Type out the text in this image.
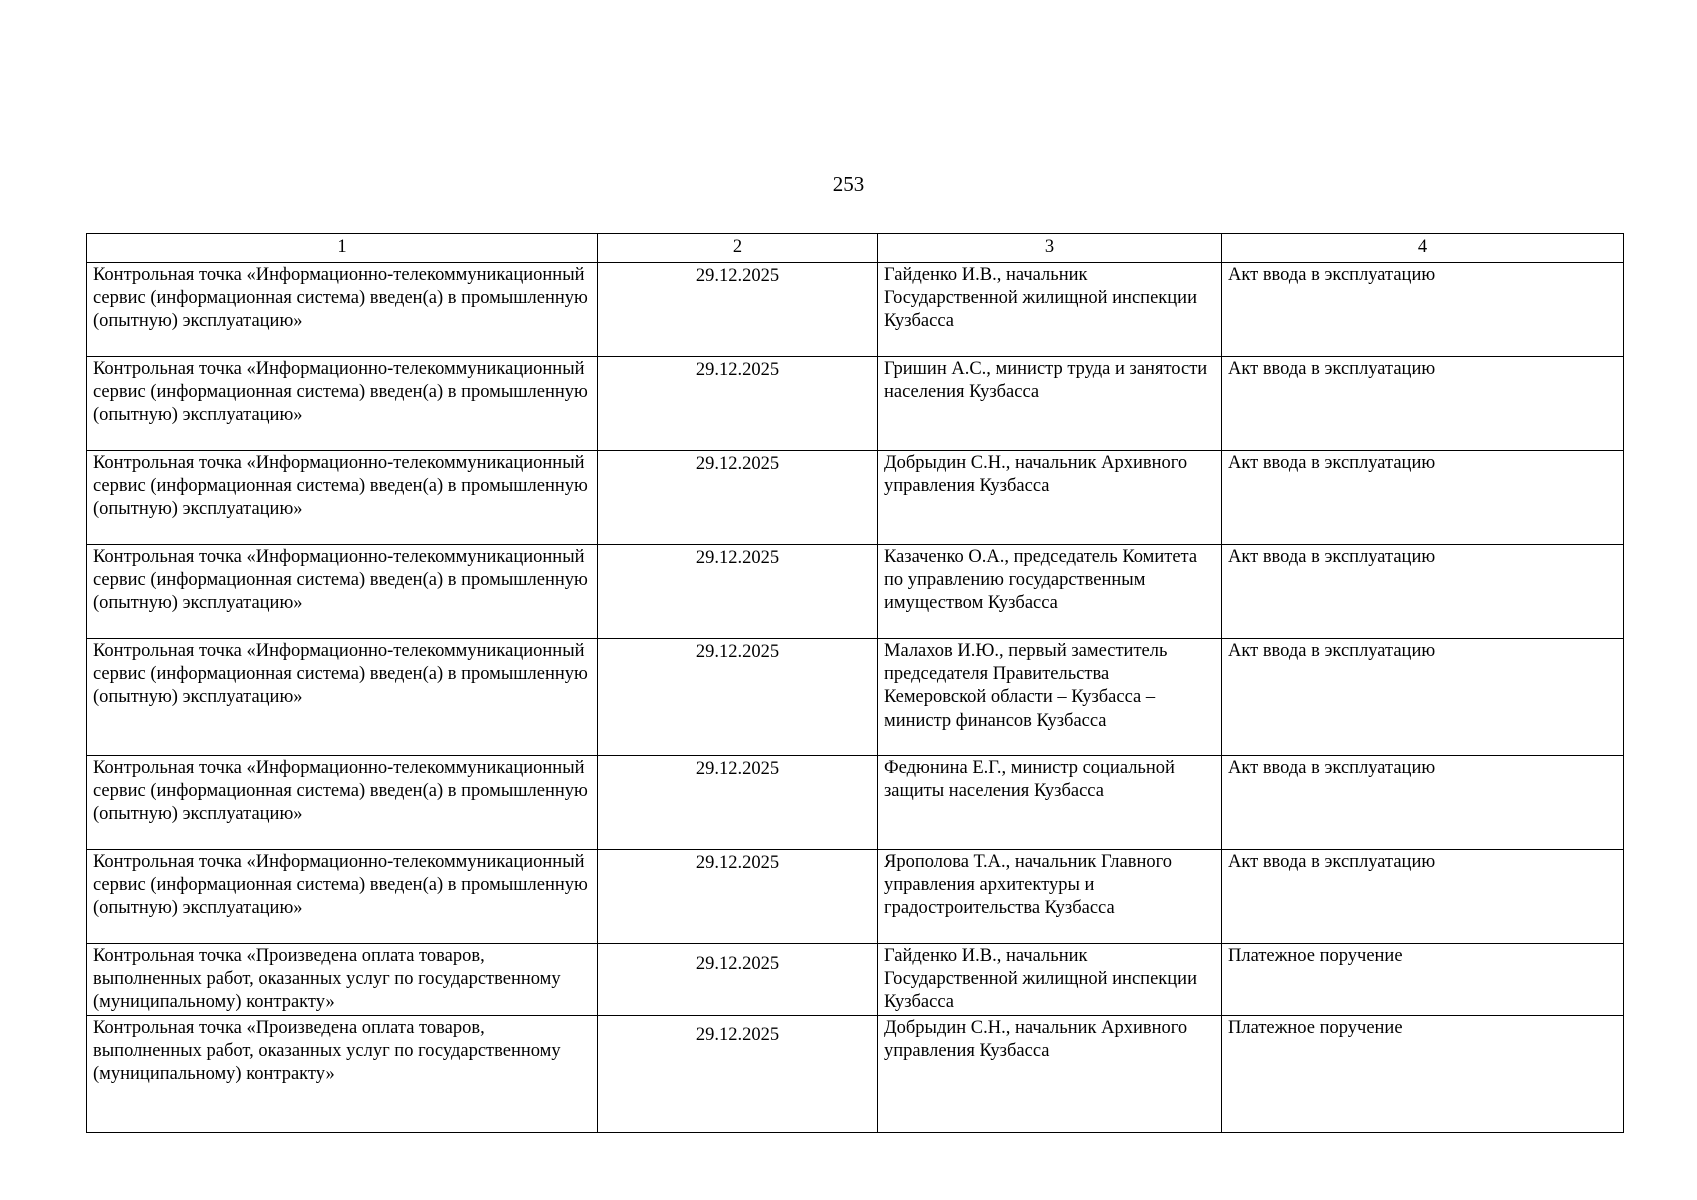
253
1	2	3	4
Контрольная точка «Информационно-телекоммуникационный сервис (информационная система) введен(а) в промышленную (опытную) эксплуатацию»	29.12.2025	Гайденко И.В., начальник Государственной жилищной инспекции Кузбасса	Акт ввода в эксплуатацию
Контрольная точка «Информационно-телекоммуникационный сервис (информационная система) введен(а) в промышленную (опытную) эксплуатацию»	29.12.2025	Гришин А.С., министр труда и занятости населения Кузбасса	Акт ввода в эксплуатацию
Контрольная точка «Информационно-телекоммуникационный сервис (информационная система) введен(а) в промышленную (опытную) эксплуатацию»	29.12.2025	Добрыдин С.Н., начальник Архивного управления Кузбасса	Акт ввода в эксплуатацию
Контрольная точка «Информационно-телекоммуникационный сервис (информационная система) введен(а) в промышленную (опытную) эксплуатацию»	29.12.2025	Казаченко О.А., председатель Комитета по управлению государственным имуществом Кузбасса	Акт ввода в эксплуатацию
Контрольная точка «Информационно-телекоммуникационный сервис (информационная система) введен(а) в промышленную (опытную) эксплуатацию»	29.12.2025	Малахов И.Ю., первый заместитель председателя Правительства Кемеровской области – Кузбасса – министр финансов Кузбасса	Акт ввода в эксплуатацию
Контрольная точка «Информационно-телекоммуникационный сервис (информационная система) введен(а) в промышленную (опытную) эксплуатацию»	29.12.2025	Федюнина Е.Г., министр социальной защиты населения Кузбасса	Акт ввода в эксплуатацию
Контрольная точка «Информационно-телекоммуникационный сервис (информационная система) введен(а) в промышленную (опытную) эксплуатацию»	29.12.2025	Ярополова Т.А., начальник Главного управления архитектуры и градостроительства Кузбасса	Акт ввода в эксплуатацию
Контрольная точка «Произведена оплата товаров, выполненных работ, оказанных услуг по государственному (муниципальному) контракту»	29.12.2025	Гайденко И.В., начальник Государственной жилищной инспекции Кузбасса	Платежное поручение
Контрольная точка «Произведена оплата товаров, выполненных работ, оказанных услуг по государственному (муниципальному) контракту»	29.12.2025	Добрыдин С.Н., начальник Архивного управления Кузбасса	Платежное поручение
